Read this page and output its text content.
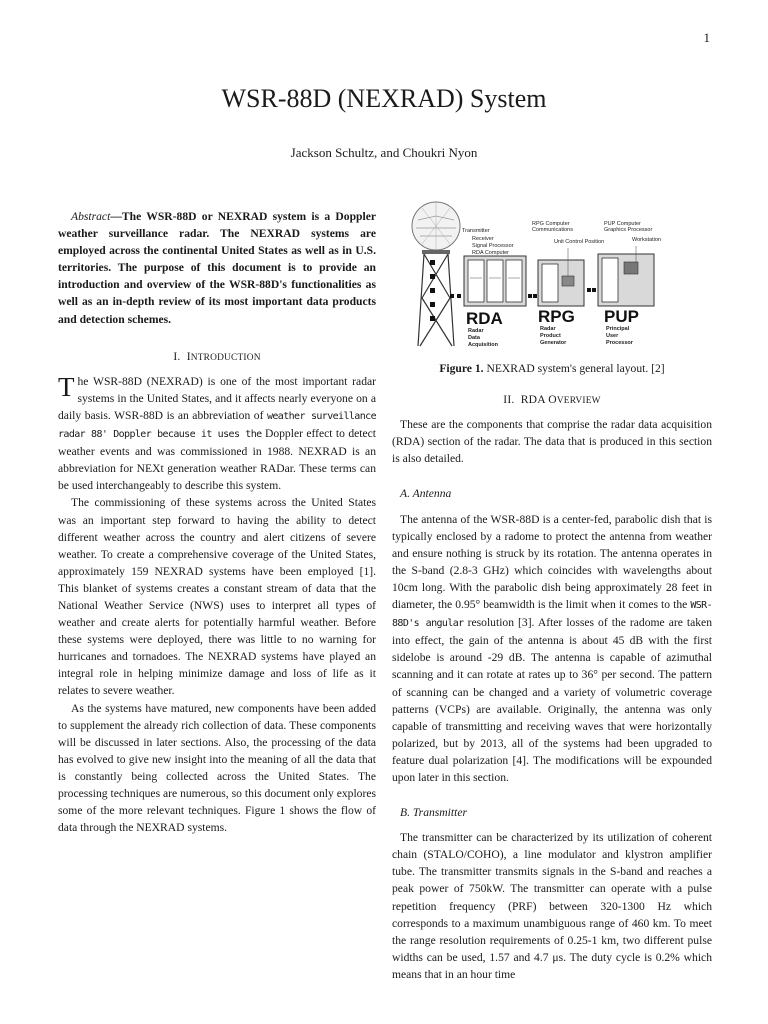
1
WSR-88D (NEXRAD) System
Jackson Schultz, and Choukri Nyon

Abstract—The WSR-88D or NEXRAD system is a Doppler weather surveillance radar. The NEXRAD systems are employed across the continental United States as well as in U.S. territories. The purpose of this document is to provide an introduction and overview of the WSR-88D's functionalities as well as an in-depth review of its most important data products and detection schemes.

I. INTRODUCTION

The WSR-88D (NEXRAD) is one of the most important radar systems in the United States, and it affects nearly everyone on a daily basis. WSR-88D is an abbreviation of weather surveillance radar 88' Doppler because it uses the Doppler effect to detect weather events and was commissioned in 1988. NEXRAD is an abbreviation for NEXt generation weather RADar. These terms can be used interchangeably to describe this system.

The commissioning of these systems across the United States was an important step forward to having the ability to detect different weather across the country and alert citizens of severe weather. To create a comprehensive coverage of the United States, approximately 159 NEXRAD systems have been employed [1]. This blanket of systems creates a constant stream of data that the National Weather Service (NWS) uses to interpret all types of weather and create alerts for potentially harmful weather. Before these systems were deployed, there was little to no warning for hurricanes and tornadoes. The NEXRAD systems have played an integral role in helping minimize damage and loss of life as it relates to severe weather.

As the systems have matured, new components have been added to supplement the already rich collection of data. These components will be discussed in later sections. Also, the processing of the data has evolved to give new insight into the meaning of all the data that is constantly being collected across the United States. The processing techniques are numerous, so this document only explores some of the more relevant techniques. Figure 1 shows the flow of data through the NEXRAD systems.

Transmitter
Receiver
Signal Processor
RDA Computer
RPG Computer
Communications
Unit Control Position
PUP Computer
Graphics Processor
Workstation
RDA RPG PUP
Radar
Data
Acquisition
Radar
Product
Generator
Principal
User
Processor
Figure 1. NEXRAD system's general layout. [2]
II. RDA OVERVIEW

These are the components that comprise the radar data acquisition (RDA) section of the radar. The data that is produced in this section is also detailed.

A. Antenna

The antenna of the WSR-88D is a center-fed, parabolic dish that is typically enclosed by a radome to protect the antenna from weather and ensure nothing is struck by its rotation. The antenna operates in the S-band (2.8-3 GHz) which coincides with wavelengths about 10cm long. With the parabolic dish being approximately 28 feet in diameter, the 0.95° beamwidth is the limit when it comes to the WSR-88D's angular resolution [3]. After losses of the radome are taken into effect, the gain of the antenna is about 45 dB with the first sidelobe is around -29 dB. The antenna is capable of azimuthal scanning and it can rotate at rates up to 36° per second. The pattern of scanning can be changed and a variety of volumetric coverage patterns (VCPs) are available. Originally, the antenna was only capable of transmitting and receiving waves that were horizontally polarized, but by 2013, all of the systems had been upgraded to feature dual polarization [4]. The modifications will be expounded upon later in this section.

B. Transmitter

The transmitter can be characterized by its utilization of coherent chain (STALO/COHO), a line modulator and klystron amplifier tube. The transmitter transmits signals in the S-band and reaches a peak power of 750kW. The transmitter can operate with a pulse repetition frequency (PRF) between 320-1300 Hz which corresponds to a maximum unambiguous range of 460 km. To meet the range resolution requirements of 0.25-1 km, two different pulse widths can be used, 1.57 and 4.7 μs. The duty cycle is 0.2% which means that in an hour time
